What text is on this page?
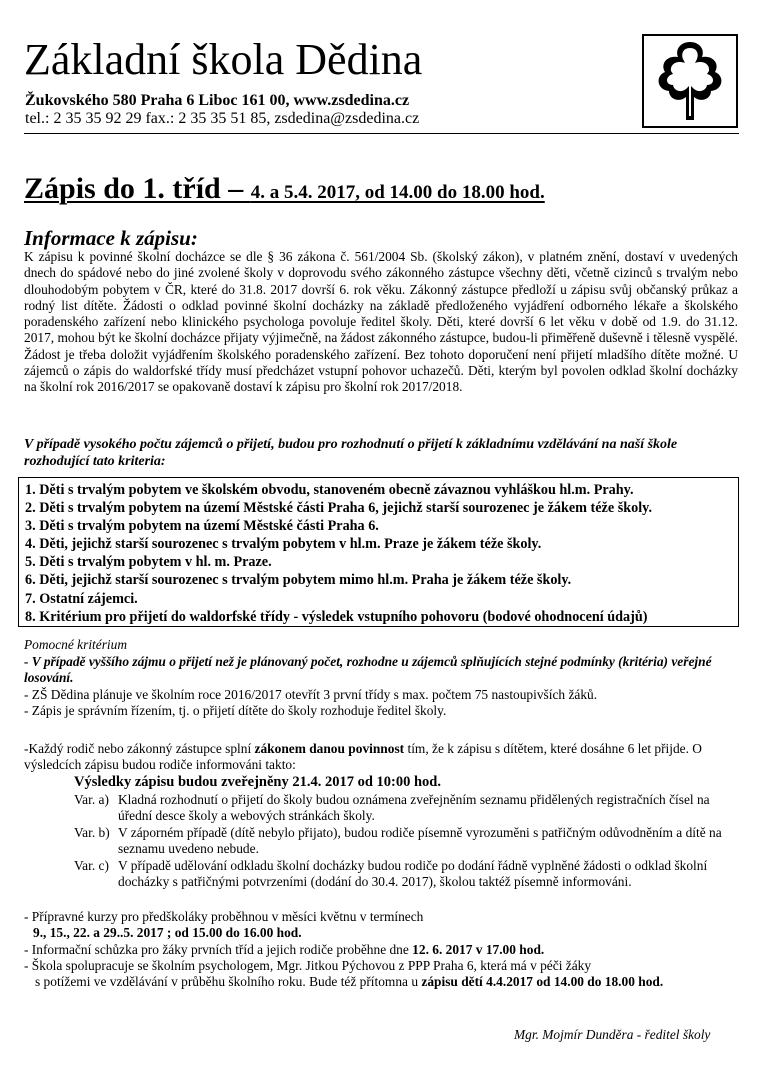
Základní škola Dědina
Žukovského 580 Praha 6 Liboc 161 00, www.zsdedina.cz
tel.: 2 35 35 92 29 fax.: 2 35 35 51 85, zsdedina@zsdedina.cz
Zápis do 1. tříd – 4. a 5.4. 2017, od 14.00 do 18.00 hod.
Informace k zápisu:
K zápisu k povinné školní docházce se dle § 36 zákona č. 561/2004 Sb. (školský zákon), v platném znění, dostaví v uvedených dnech do spádové nebo do jiné zvolené školy v doprovodu svého zákonného zástupce všechny děti, včetně cizinců s trvalým nebo dlouhodobým pobytem v ČR, které do 31.8. 2017 dovrší 6. rok věku. Zákonný zástupce předloží u zápisu svůj občanský průkaz a rodný list dítěte. Žádosti o odklad povinné školní docházky na základě předloženého vyjádření odborného lékaře a školského poradenského zařízení nebo klinického psychologa povoluje ředitel školy. Děti, které dovrší 6 let věku v době od 1.9. do 31.12. 2017, mohou být ke školní docházce přijaty výjimečně, na žádost zákonného zástupce, budou-li přiměřeně duševně i tělesně vyspělé. Žádost je třeba doložit vyjádřením školského poradenského zařízení. Bez tohoto doporučení není přijetí mladšího dítěte možné. U zájemců o zápis do waldorfské třídy musí předcházet vstupní pohovor uchazečů. Děti, kterým byl povolen odklad školní docházky na školní rok 2016/2017 se opakovaně dostaví k zápisu pro školní rok 2017/2018.
V případě vysokého počtu zájemců o přijetí, budou pro rozhodnutí o přijetí k základnímu vzdělávání na naší škole rozhodující tato kriteria:
1. Děti s trvalým pobytem ve školském obvodu, stanoveném obecně závaznou vyhláškou hl.m. Prahy.
2. Děti s trvalým pobytem na území Městské části Praha 6, jejichž starší sourozenec je žákem téže školy.
3. Děti s trvalým pobytem na území Městské části Praha 6.
4. Děti, jejichž starší sourozenec s trvalým pobytem v hl.m. Praze je žákem téže školy.
5. Děti s trvalým pobytem v hl. m. Praze.
6. Děti, jejichž starší sourozenec s trvalým pobytem mimo hl.m. Praha je žákem téže školy.
7. Ostatní zájemci.
8. Kritérium pro přijetí do waldorfské třídy - výsledek vstupního pohovoru (bodové ohodnocení údajů)
Pomocné kritérium
- V případě vyššího zájmu o přijetí než je plánovaný počet, rozhodne u zájemců splňujících stejné podmínky (kritéria) veřejné losování.
- ZŠ Dědina plánuje ve školním roce 2016/2017 otevřít 3 první třídy s max. počtem 75 nastoupivších žáků.
- Zápis je správním řízením, tj. o přijetí dítěte do školy rozhoduje ředitel školy.
-Každý rodič nebo zákonný zástupce splní zákonem danou povinnost tím, že k zápisu s dítětem, které dosáhne 6 let přijde. O výsledcích zápisu budou rodiče informováni takto:
Výsledky zápisu budou zveřejněny 21.4. 2017 od 10:00 hod.
Var. a) Kladná rozhodnutí o přijetí do školy budou oznámena zveřejněním seznamu přidělených registračních čísel na úřední desce školy a webových stránkách školy.
Var. b) V záporném případě (dítě nebylo přijato), budou rodiče písemně vyrozuměni s patřičným odůvodněním a dítě na seznamu uvedeno nebude.
Var. c) V případě udělování odkladu školní docházky budou rodiče po dodání řádně vyplněné žádosti o odklad školní docházky s patřičnými potvrzeními (dodání do 30.4. 2017), školou taktéž písemně informováni.
- Přípravné kurzy pro předškoláky proběhnou v měsíci květnu v termínech
9., 15., 22. a 29..5. 2017 ; od 15.00 do 16.00 hod.
- Informační schůzka pro žáky prvních tříd a jejich rodiče proběhne dne 12. 6. 2017 v 17.00 hod.
- Škola spolupracuje se školním psychologem, Mgr. Jitkou Pýchovou z PPP Praha 6, která má v péči žáky
s potížemi ve vzdělávání v průběhu školního roku. Bude též přítomna u zápisu dětí 4.4.2017 od 14.00 do 18.00 hod.
Mgr. Mojmír Dunděra - ředitel školy
